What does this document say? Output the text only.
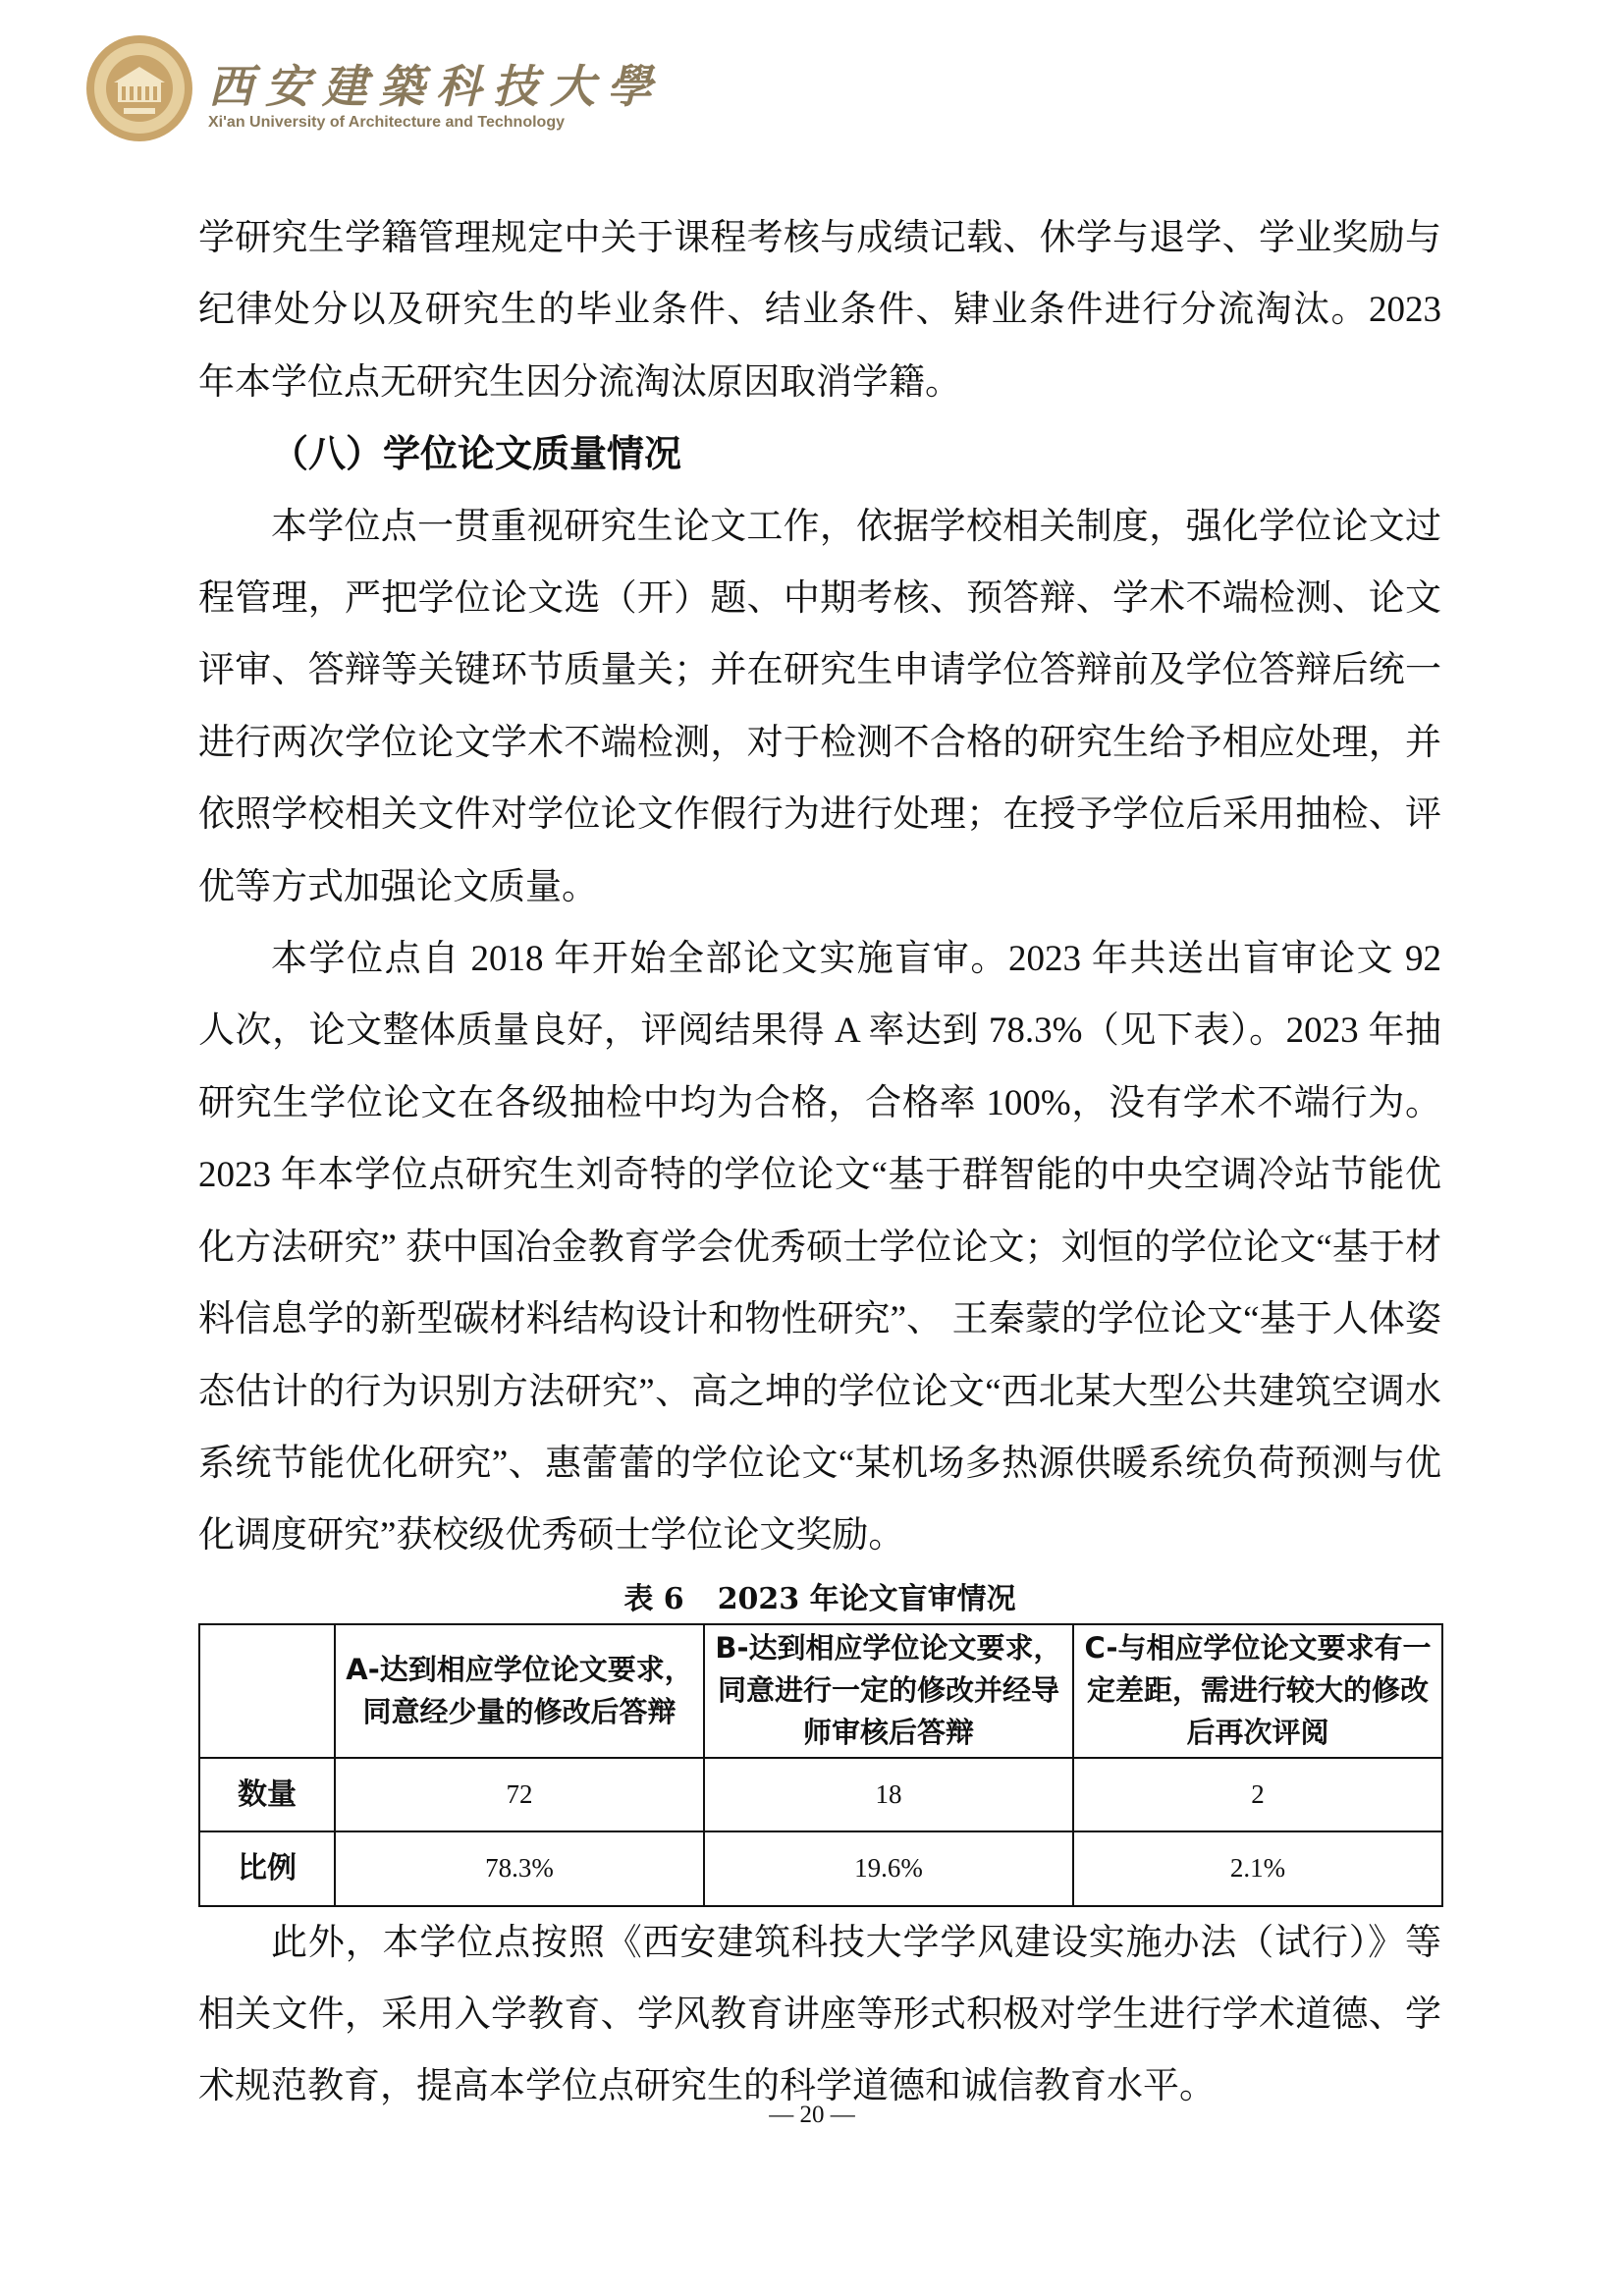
西安建築科技大學
Xi'an University of Architecture and Technology

学研究生学籍管理规定中关于课程考核与成绩记载、休学与退学、学业奖励与纪律处分以及研究生的毕业条件、结业条件、肄业条件进行分流淘汰。2023 年本学位点无研究生因分流淘汰原因取消学籍。

（八）学位论文质量情况

本学位点一贯重视研究生论文工作，依据学校相关制度，强化学位论文过程管理，严把学位论文选（开）题、中期考核、预答辩、学术不端检测、论文评审、答辩等关键环节质量关；并在研究生申请学位答辩前及学位答辩后统一进行两次学位论文学术不端检测，对于检测不合格的研究生给予相应处理，并依照学校相关文件对学位论文作假行为进行处理；在授予学位后采用抽检、评优等方式加强论文质量。

本学位点自 2018 年开始全部论文实施盲审。2023 年共送出盲审论文 92 人次，论文整体质量良好，评阅结果得 A 率达到 78.3%（见下表）。2023 年抽研究生学位论文在各级抽检中均为合格，合格率 100%，没有学术不端行为。2023 年本学位点研究生刘奇特的学位论文“基于群智能的中央空调冷站节能优化方法研究” 获中国冶金教育学会优秀硕士学位论文；刘恒的学位论文“基于材料信息学的新型碳材料结构设计和物性研究”、 王秦蒙的学位论文“基于人体姿态估计的行为识别方法研究”、高之坤的学位论文“西北某大型公共建筑空调水系统节能优化研究”、惠蕾蕾的学位论文“某机场多热源供暖系统负荷预测与优化调度研究”获校级优秀硕士学位论文奖励。

表 6 2023 年论文盲审情况
	A-达到相应学位论文要求，同意经少量的修改后答辩	B-达到相应学位论文要求，同意进行一定的修改并经导师审核后答辩	C-与相应学位论文要求有一定差距，需进行较大的修改后再次评阅
数量	72	18	2
比例	78.3%	19.6%	2.1%

此外，本学位点按照《西安建筑科技大学学风建设实施办法（试行）》等相关文件，采用入学教育、学风教育讲座等形式积极对学生进行学术道德、学术规范教育，提高本学位点研究生的科学道德和诚信教育水平。

— 20 —
